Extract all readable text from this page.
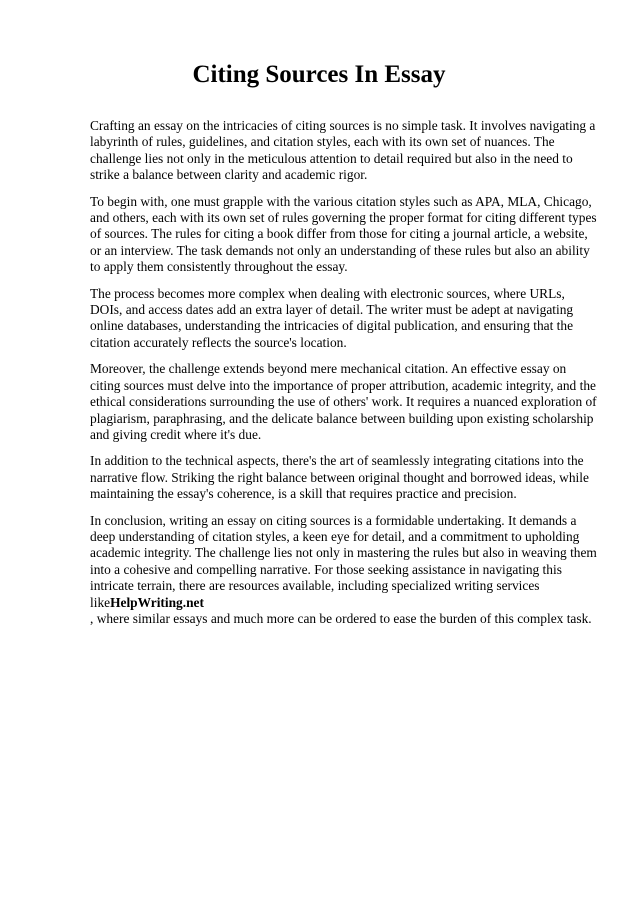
Citing Sources In Essay

Crafting an essay on the intricacies of citing sources is no simple task. It involves navigating a labyrinth of rules, guidelines, and citation styles, each with its own set of nuances. The challenge lies not only in the meticulous attention to detail required but also in the need to strike a balance between clarity and academic rigor.

To begin with, one must grapple with the various citation styles such as APA, MLA, Chicago, and others, each with its own set of rules governing the proper format for citing different types of sources. The rules for citing a book differ from those for citing a journal article, a website, or an interview. The task demands not only an understanding of these rules but also an ability to apply them consistently throughout the essay.

The process becomes more complex when dealing with electronic sources, where URLs, DOIs, and access dates add an extra layer of detail. The writer must be adept at navigating online databases, understanding the intricacies of digital publication, and ensuring that the citation accurately reflects the source's location.

Moreover, the challenge extends beyond mere mechanical citation. An effective essay on citing sources must delve into the importance of proper attribution, academic integrity, and the ethical considerations surrounding the use of others' work. It requires a nuanced exploration of plagiarism, paraphrasing, and the delicate balance between building upon existing scholarship and giving credit where it's due.

In addition to the technical aspects, there's the art of seamlessly integrating citations into the narrative flow. Striking the right balance between original thought and borrowed ideas, while maintaining the essay's coherence, is a skill that requires practice and precision.

In conclusion, writing an essay on citing sources is a formidable undertaking. It demands a deep understanding of citation styles, a keen eye for detail, and a commitment to upholding academic integrity. The challenge lies not only in mastering the rules but also in weaving them into a cohesive and compelling narrative. For those seeking assistance in navigating this intricate terrain, there are resources available, including specialized writing services likeHelpWriting.net
, where similar essays and much more can be ordered to ease the burden of this complex task.
